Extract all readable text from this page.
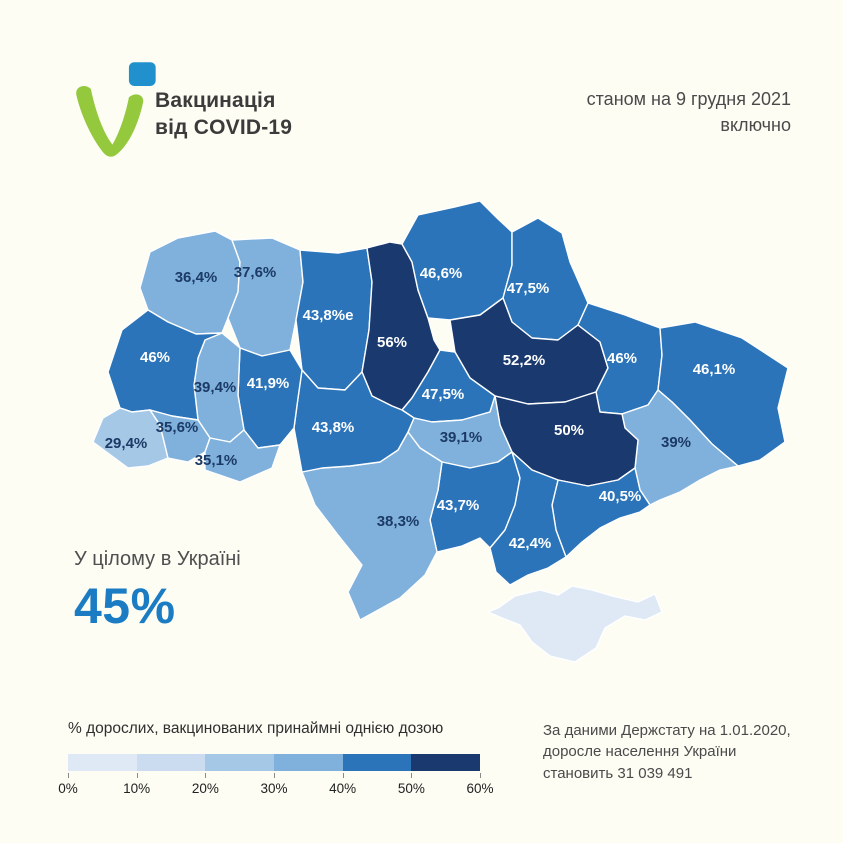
Вакцинація
від COVID-19
станом на 9 грудня 2021
включно
36,4% 37,6%
43,8%е
56%
46,6%
47,5%
52,2%	46%
46,1%
46%
39,4% 41,9%
43,8%
47,5%
39,1%	50%
39%
29,4%
35,6%
35,1%
38,3%
43,7%
42,4%
40,5%
У цілому в Україні
45%
% дорослих, вакцинованих принаймні однією дозою
0%	10%	20%	30%	40%	50%	60%
За даними Держстату на 1.01.2020,
доросле населення України
становить 31 039 491
